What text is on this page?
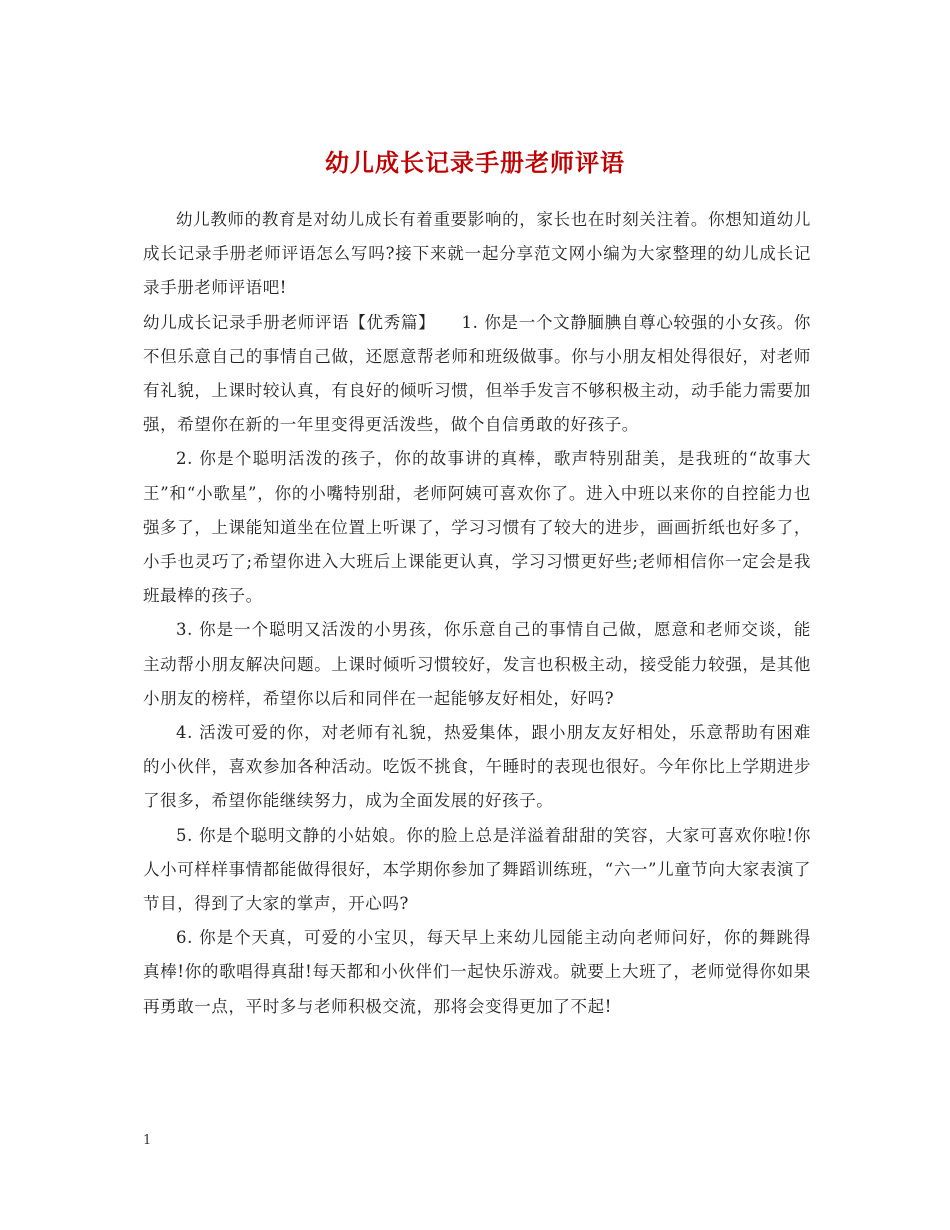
幼儿成长记录手册老师评语

幼儿教师的教育是对幼儿成长有着重要影响的，家长也在时刻关注着。你想知道幼儿成长记录手册老师评语怎么写吗?接下来就一起分享范文网小编为大家整理的幼儿成长记录手册老师评语吧!

幼儿成长记录手册老师评语【优秀篇】　　1. 你是一个文静腼腆自尊心较强的小女孩。你不但乐意自己的事情自己做，还愿意帮老师和班级做事。你与小朋友相处得很好，对老师有礼貌，上课时较认真，有良好的倾听习惯，但举手发言不够积极主动，动手能力需要加强，希望你在新的一年里变得更活泼些，做个自信勇敢的好孩子。

2. 你是个聪明活泼的孩子，你的故事讲的真棒，歌声特别甜美，是我班的“故事大王”和“小歌星”，你的小嘴特别甜，老师阿姨可喜欢你了。进入中班以来你的自控能力也强多了，上课能知道坐在位置上听课了，学习习惯有了较大的进步，画画折纸也好多了，小手也灵巧了;希望你进入大班后上课能更认真，学习习惯更好些;老师相信你一定会是我班最棒的孩子。

3. 你是一个聪明又活泼的小男孩，你乐意自己的事情自己做，愿意和老师交谈，能主动帮小朋友解决问题。上课时倾听习惯较好，发言也积极主动，接受能力较强，是其他小朋友的榜样，希望你以后和同伴在一起能够友好相处，好吗?

4. 活泼可爱的你，对老师有礼貌，热爱集体，跟小朋友友好相处，乐意帮助有困难的小伙伴，喜欢参加各种活动。吃饭不挑食，午睡时的表现也很好。今年你比上学期进步了很多，希望你能继续努力，成为全面发展的好孩子。

5. 你是个聪明文静的小姑娘。你的脸上总是洋溢着甜甜的笑容，大家可喜欢你啦!你人小可样样事情都能做得很好，本学期你参加了舞蹈训练班，“六一”儿童节向大家表演了节目，得到了大家的掌声，开心吗?

6. 你是个天真，可爱的小宝贝，每天早上来幼儿园能主动向老师问好，你的舞跳得真棒!你的歌唱得真甜!每天都和小伙伴们一起快乐游戏。就要上大班了，老师觉得你如果再勇敢一点，平时多与老师积极交流，那将会变得更加了不起!

1
